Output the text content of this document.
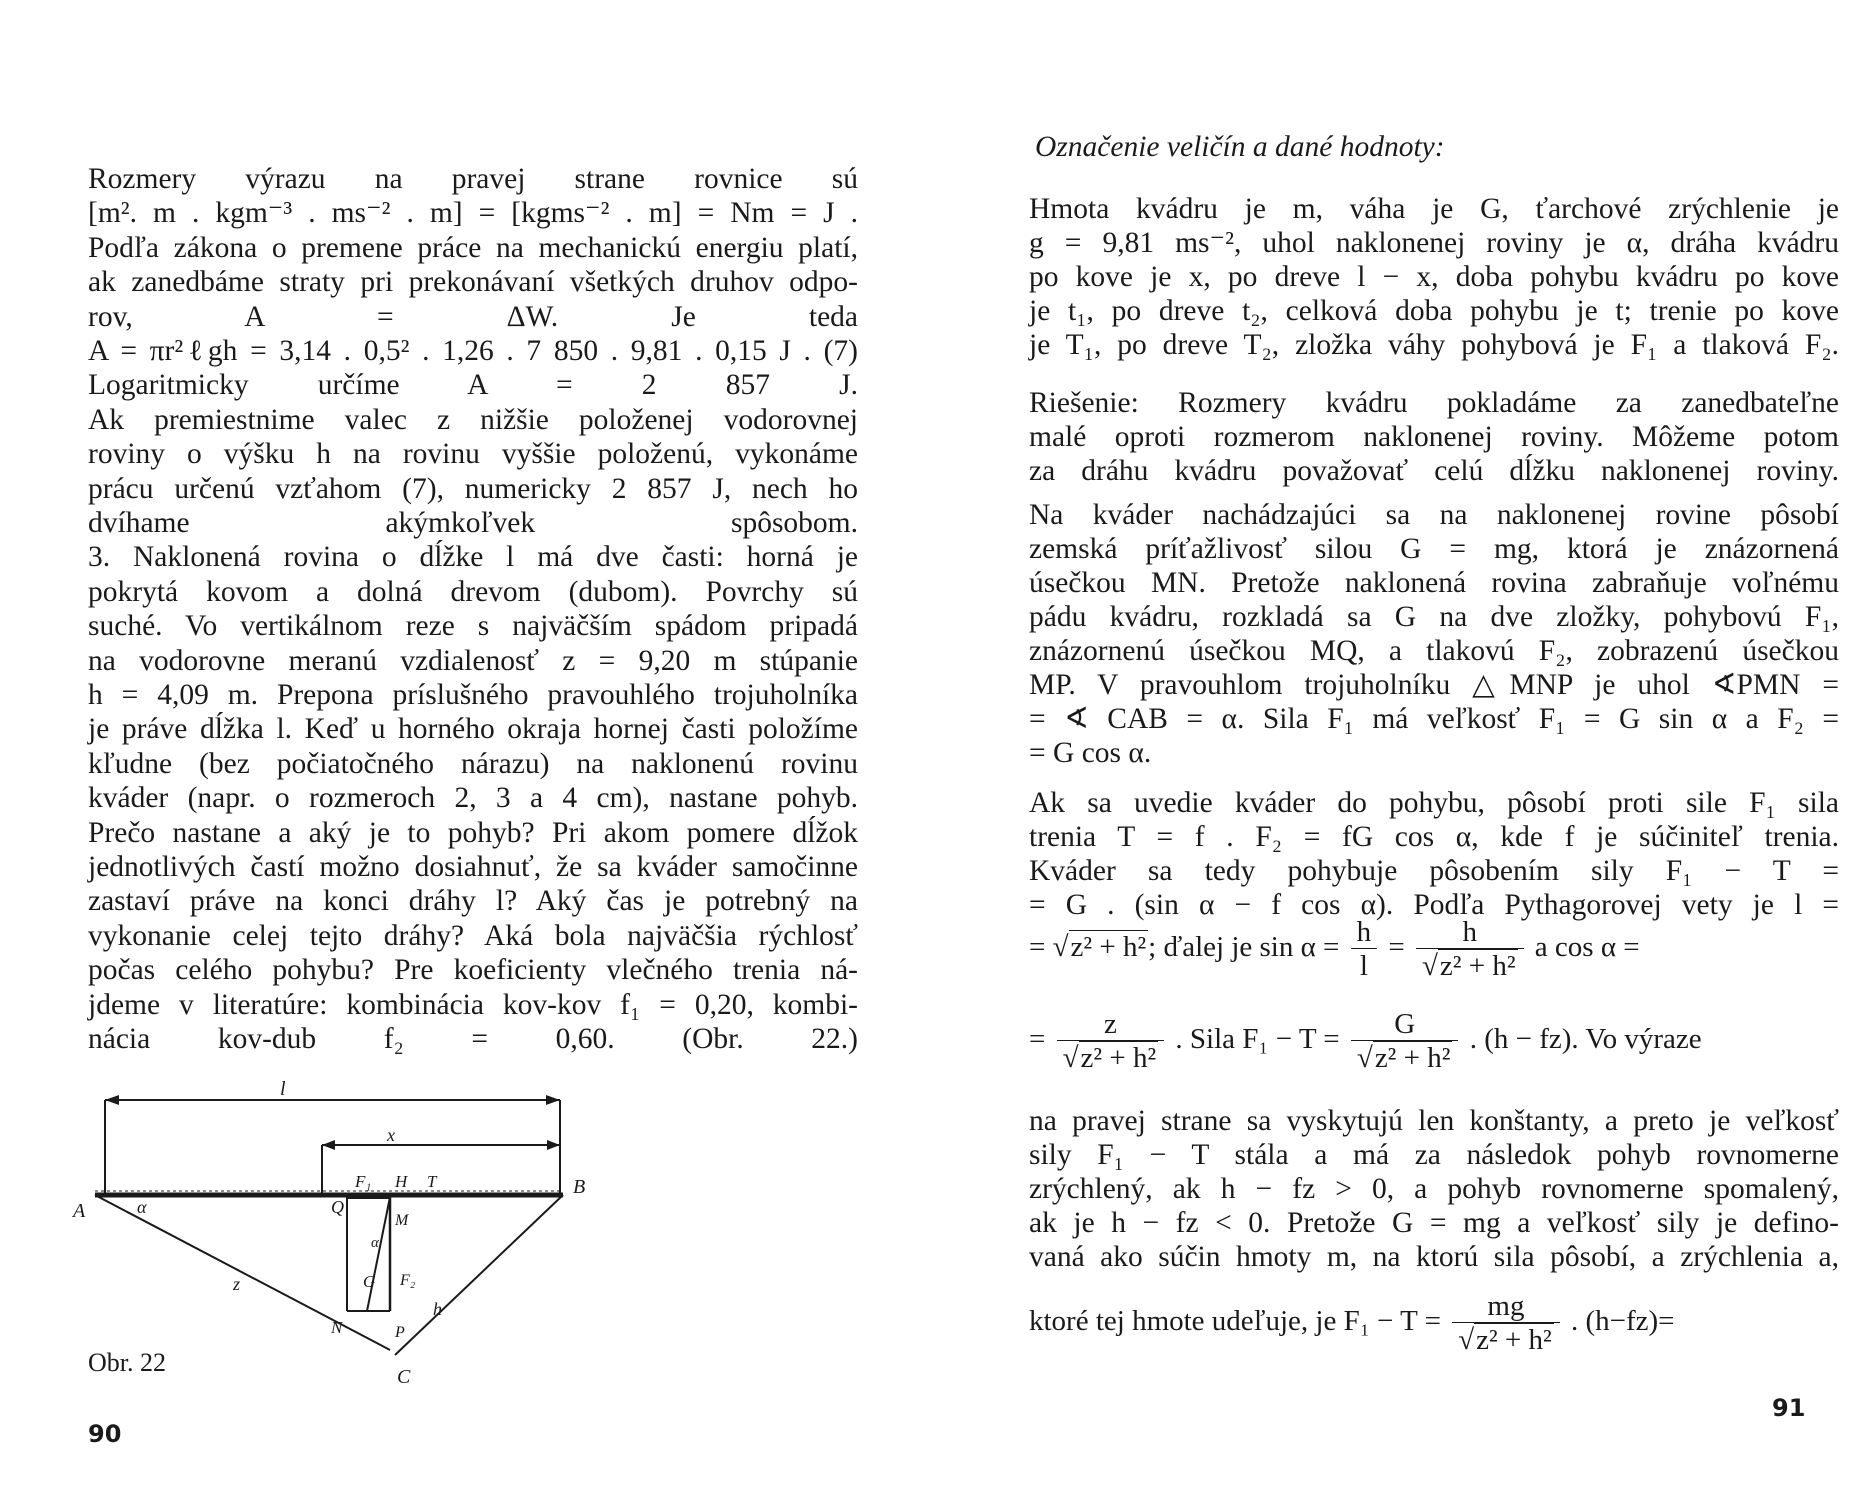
Rozmery výrazu na pravej strane rovnice sú
[m². m . kgm⁻³ . ms⁻² . m] = [kgms⁻² . m] = Nm = J .
Podľa zákona o premene práce na mechanickú energiu platí,
ak zanedbáme straty pri prekonávaní všetkých druhov odpo-
rov, A = ΔW. Je teda
A = πr²ℓgh = 3,14 . 0,5² . 1,26 . 7 850 . 9,81 . 0,15 J . (7)
Logaritmicky určíme A = 2 857 J.
Ak premiestnime valec z nižšie položenej vodorovnej
roviny o výšku h na rovinu vyššie položenú, vykonáme
prácu určenú vzťahom (7), numericky 2 857 J, nech ho
dvíhame akýmkoľvek spôsobom.
3. Naklonená rovina o dĺžke l má dve časti: horná je
pokrytá kovom a dolná drevom (dubom). Povrchy sú
suché. Vo vertikálnom reze s najväčším spádom pripadá
na vodorovne meranú vzdialenosť z = 9,20 m stúpanie
h = 4,09 m. Prepona príslušného pravouhlého trojuholníka
je práve dĺžka l. Keď u horného okraja hornej časti položíme
kľudne (bez počiatočného nárazu) na naklonenú rovinu
kváder (napr. o rozmeroch 2, 3 a 4 cm), nastane pohyb.
Prečo nastane a aký je to pohyb? Pri akom pomere dĺžok
jednotlivých častí možno dosiahnuť, že sa kváder samočinne
zastaví práve na konci dráhy l? Aký čas je potrebný na
vykonanie celej tejto dráhy? Aká bola najväčšia rýchlosť
počas celého pohybu? Pre koeficienty vlečného trenia ná-
jdeme v literatúre: kombinácia kov-kov f₁ = 0,20, kombi-
nácia kov-dub f₂ = 0,60. (Obr. 22.)
l
x
A
B
C
α
z
h
Q
F₁ H T
G
α
F₂
N	P
M
Obr. 22
90
Označenie veličín a dané hodnoty:
Hmota kvádru je m, váha je G, ťarchové zrýchlenie je
g = 9,81 ms⁻², uhol naklonenej roviny je α, dráha kvádru
po kove je x, po dreve l − x, doba pohybu kvádru po kove
je t₁, po dreve t₂, celková doba pohybu je t; trenie po kove
je T₁, po dreve T₂, zložka váhy pohybová je F₁ a tlaková F₂.
Riešenie: Rozmery kvádru pokladáme za zanedbateľne
malé oproti rozmerom naklonenej roviny. Môžeme potom
za dráhu kvádru považovať celú dĺžku naklonenej roviny.
Na kváder nachádzajúci sa na naklonenej rovine pôsobí
zemská príťažlivosť silou G = mg, ktorá je znázornená
úsečkou MN. Pretože naklonená rovina zabraňuje voľnému
pádu kvádru, rozkladá sa G na dve zložky, pohybovú F₁,
znázornenú úsečkou MQ, a tlakovú F₂, zobrazenú úsečkou
MP. V pravouhlom trojuholníku △MNP je uhol ∢PMN =
= ∢ CAB = α. Sila F₁ má veľkosť F₁ = G sin α a F₂ =
= G cos α.
Ak sa uvedie kváder do pohybu, pôsobí proti sile F₁ sila
trenia T = f . F₂ = fG cos α, kde f je súčiniteľ trenia.
Kváder sa tedy pohybuje pôsobením sily F₁ − T =
= G . (sin α − f cos α). Podľa Pythagorovej vety je l =
= √z² + h²; ďalej je $\sin \alpha = \frac{h}{l} = \frac{h}{\text{√z² + h²}}$ a cos α =
= $\frac{z}{\text{√z² + h²}}$ . Sila $F_1 - T = \frac{G}{\text{√z² + h²}}$ . (h − fz). Vo výraze
na pravej strane sa vyskytujú len konštanty, a preto je veľkosť
sily F₁ − T stála a má za následok pohyb rovnomerne
zrýchlený, ak h − fz > 0, a pohyb rovnomerne spomalený,
ak je h − fz < 0. Pretože G = mg a veľkosť sily je defino-
vaná ako súčin hmoty m, na ktorú sila pôsobí, a zrýchlenia a,
ktoré tej hmote udeľuje, je $F_1 - T = \frac{mg}{\text{√z² + h²}}$ . (h−fz)=
91
